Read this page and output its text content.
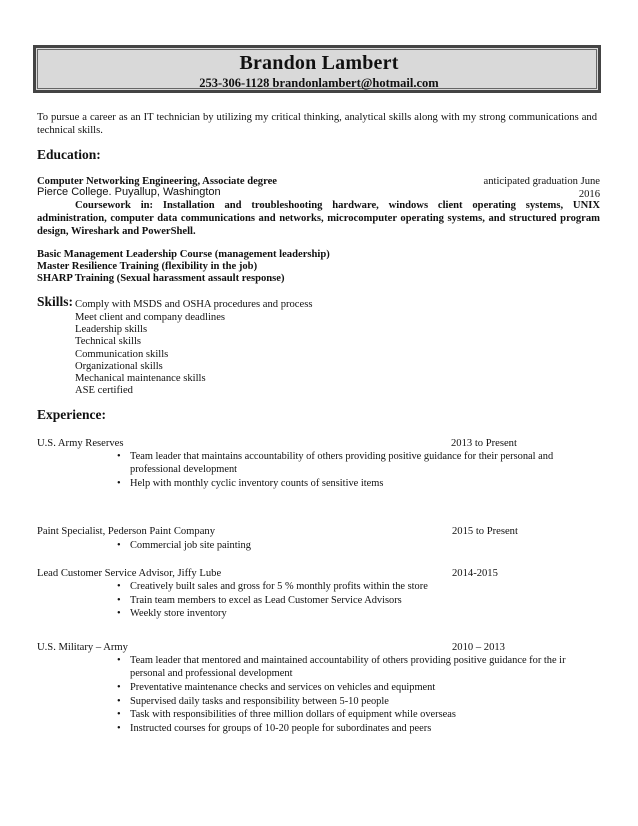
Brandon Lambert
253-306-1128 brandonlambert@hotmail.com
To pursue a career as an IT technician by utilizing my critical thinking, analytical skills along with my strong communications and technical skills.
Education:
Computer Networking Engineering, Associate degree	anticipated graduation June 2016
Pierce College. Puyallup, Washington
Coursework in: Installation and troubleshooting hardware, windows client operating systems, UNIX administration, computer data communications and networks, microcomputer operating systems, and structured program design, Wireshark and PowerShell.
Basic Management Leadership Course (management leadership)
Master Resilience Training (flexibility in the job)
SHARP Training (Sexual harassment assault response)
Skills: Comply with MSDS and OSHA procedures and process
Meet client and company deadlines
Leadership skills
Technical skills
Communication skills
Organizational skills
Mechanical maintenance skills
ASE certified
Experience:
U.S. Army Reserves	2013 to Present
• Team leader that maintains accountability of others providing positive guidance for their personal and
professional development
• Help with monthly cyclic inventory counts of sensitive items
Paint Specialist, Pederson Paint Company	2015 to Present
• Commercial job site painting
Lead Customer Service Advisor, Jiffy Lube	2014-2015
• Creatively built sales and gross for 5 % monthly profits within the store
• Train team members to excel as Lead Customer Service Advisors
• Weekly store inventory
U.S. Military – Army	2010 – 2013
• Team leader that mentored and maintained accountability of others providing positive guidance for the ir
personal and professional development
• Preventative maintenance checks and services on vehicles and equipment
• Supervised daily tasks and responsibility between 5-10 people
• Task with responsibilities of three million dollars of equipment while overseas
• Instructed courses for groups of 10-20 people for subordinates and peers
